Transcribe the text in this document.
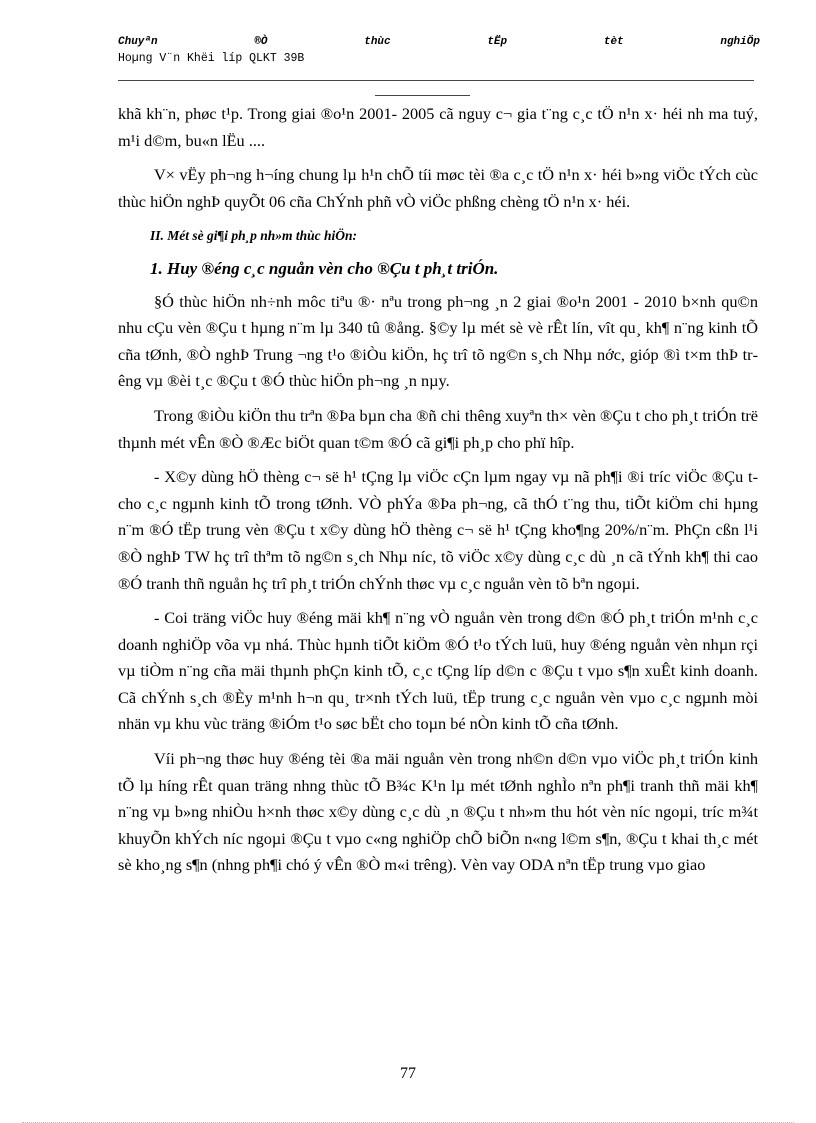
Chuyªn	®Ò	thùc	tËp	tèt	nghiÖp
Hoµng V¨n Khëi líp QLKT 39B

khã kh¨n, phøc t¹p. Trong giai ®o¹n 2001- 2005 cã nguy c¬ gia t¨ng c¸c tÖ n¹n x· héi nh ma tuý, m¹i d©m, bu«n lËu ....

V× vËy ph¬ng h¬íng chung lµ h¹n chÕ tíi møc tèi ®a c¸c tÖ n¹n x· héi b»ng viÖc tÝch cùc thùc hiÖn nghÞ quyÕt 06 cña ChÝnh phñ vÒ viÖc phßng chèng tÖ n¹n x· héi.

II. Mét sè gi¶i ph¸p nh»m thùc hiÖn:

1. Huy ®éng c¸c nguån vèn cho ®Çu t ph¸t triÓn.

§Ó thùc hiÖn nh÷nh môc tiªu ®· nªu trong ph¬ng ¸n 2 giai ®o¹n 2001 - 2010 b×nh qu©n nhu cÇu vèn ®Çu t hµng n¨m lµ 340 tû ®ång. §©y lµ mét sè vè rÊt lín, vît qu¸ kh¶ n¨ng kinh tÕ cña tØnh, ®Ò nghÞ Trung ¬ng t¹o ®iÒu kiÖn, hç trî tõ ng©n s¸ch Nhµ nớc, gióp ®ì t×m thÞ trêng vµ ®èi t¸c ®Çu t ®Ó thùc hiÖn ph¬ng ¸n nµy.

Trong ®iÒu kiÖn thu trªn ®Þa bµn cha ®ñ chi thêng xuyªn th× vèn ®Çu t cho ph¸t triÓn trë thµnh mét vÊn ®Ò ®Æc biÖt quan t©m ®Ó cã gi¶i ph¸p cho phï hîp.

- X©y dùng hÖ thèng c¬ së h¹ tÇng lµ viÖc cÇn lµm ngay vµ nã ph¶i ®i tríc viÖc ®Çu t cho c¸c ngµnh kinh tÕ trong tØnh. VÒ phÝa ®Þa ph¬ng, cã thÓ t¨ng thu, tiÕt kiÖm chi hµng n¨m ®Ó tËp trung vèn ®Çu t x©y dùng hÖ thèng c¬ së h¹ tÇng kho¶ng 20%/n¨m. PhÇn cßn l¹i ®Ò nghÞ TW hç trî thªm tõ ng©n s¸ch Nhµ níc, tõ viÖc x©y dùng c¸c dù ¸n cã tÝnh kh¶ thi cao ®Ó tranh thñ nguån hç trî ph¸t triÓn chÝnh thøc vµ c¸c nguån vèn tõ bªn ngoµi.

- Coi träng viÖc huy ®éng mäi kh¶ n¨ng vÒ nguån vèn trong d©n ®Ó ph¸t triÓn m¹nh c¸c doanh nghiÖp võa vµ nhá. Thùc hµnh tiÕt kiÖm ®Ó t¹o tÝch luü, huy ®éng nguån vèn nhµn rçi vµ tiÒm n¨ng cña mäi thµnh phÇn kinh tÕ, c¸c tÇng líp d©n c ®Çu t vµo s¶n xuÊt kinh doanh. Cã chÝnh s¸ch ®Èy m¹nh h¬n qu¸ tr×nh tÝch luü, tËp trung c¸c nguån vèn vµo c¸c ngµnh mòi nhän vµ khu vùc träng ®iÓm t¹o søc bËt cho toµn bé nÒn kinh tÕ cña tØnh.

Víi ph¬ng thøc huy ®éng tèi ®a mäi nguån vèn trong nh©n d©n vµo viÖc ph¸t triÓn kinh tÕ lµ híng rÊt quan träng nhng thùc tÕ B¾c K¹n lµ mét tØnh nghÌo nªn ph¶i tranh thñ mäi kh¶ n¨ng vµ b»ng nhiÒu h×nh thøc x©y dùng c¸c dù ¸n ®Çu t nh»m thu hót vèn níc ngoµi, tríc m¾t khuyÕn khÝch níc ngoµi ®Çu t vµo c«ng nghiÖp chÕ biÕn n«ng l©m s¶n, ®Çu t khai th¸c mét sè kho¸ng s¶n (nhng ph¶i chó ý vÊn ®Ò m«i trêng). Vèn vay ODA nªn tËp trung vµo giao

77
